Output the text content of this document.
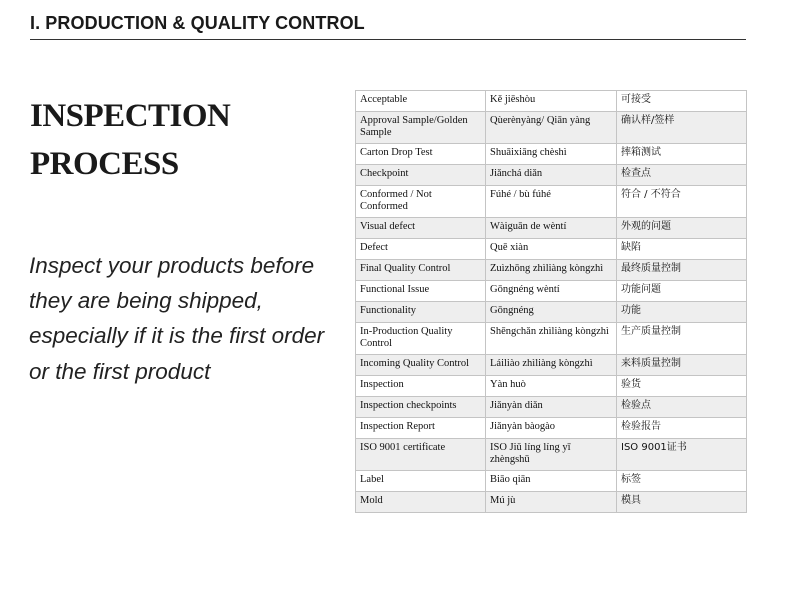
I. PRODUCTION & QUALITY CONTROL
INSPECTION
PROCESS
Inspect your products before they are being shipped, especially if it is the first order or the first product
Acceptable	Kě jiēshòu	可接受
Approval Sample/Golden Sample	Qùerènyàng/ Qiān yàng	确认样/签样
Carton Drop Test	Shuāixiāng chèshì	摔箱测试
Checkpoint	Jiǎnchá diǎn	检查点
Conformed / Not Conformed	Fúhé / bù fúhé	符合 / 不符合
Visual defect	Wàiguān de wèntí	外观的问题
Defect	Quē xiàn	缺陷
Final Quality Control	Zuìzhōng zhìliàng kòngzhì	最终质量控制
Functional Issue	Gōngnéng wèntí	功能问题
Functionality	Gōngnéng	功能
In-Production Quality Control	Shēngchǎn zhìliàng kòngzhì	生产质量控制
Incoming Quality Control	Láiliào zhìliàng kòngzhì	来料质量控制
Inspection	Yàn huò	验货
Inspection checkpoints	Jiǎnyàn diǎn	检验点
Inspection Report	Jiǎnyàn bàogào	检验报告
ISO 9001 certificate	ISO Jiǔ líng líng yī zhèngshū	ISO 9001证书
Label	Biāo qiān	标签
Mold	Mú jù	模具
